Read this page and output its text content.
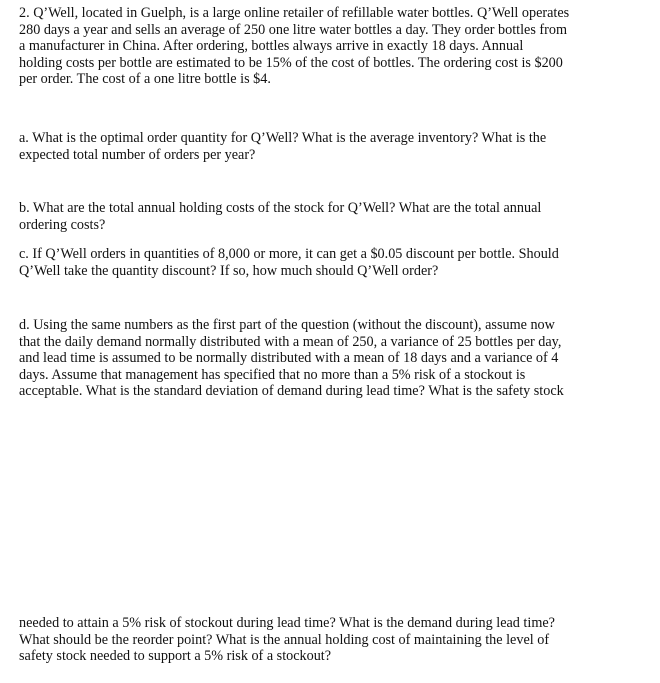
2. Q’Well, located in Guelph, is a large online retailer of refillable water bottles. Q’Well operates
280 days a year and sells an average of 250 one litre water bottles a day. They order bottles from
a manufacturer in China. After ordering, bottles always arrive in exactly 18 days. Annual
holding costs per bottle are estimated to be 15% of the cost of bottles. The ordering cost is $200
per order. The cost of a one litre bottle is $4.

a. What is the optimal order quantity for Q’Well? What is the average inventory? What is the
expected total number of orders per year?

b. What are the total annual holding costs of the stock for Q’Well? What are the total annual
ordering costs?

c. If Q’Well orders in quantities of 8,000 or more, it can get a $0.05 discount per bottle. Should
Q’Well take the quantity discount? If so, how much should Q’Well order?

d. Using the same numbers as the first part of the question (without the discount), assume now
that the daily demand normally distributed with a mean of 250, a variance of 25 bottles per day,
and lead time is assumed to be normally distributed with a mean of 18 days and a variance of 4
days. Assume that management has specified that no more than a 5% risk of a stockout is
acceptable. What is the standard deviation of demand during lead time? What is the safety stock

needed to attain a 5% risk of stockout during lead time? What is the demand during lead time?
What should be the reorder point? What is the annual holding cost of maintaining the level of
safety stock needed to support a 5% risk of a stockout?
